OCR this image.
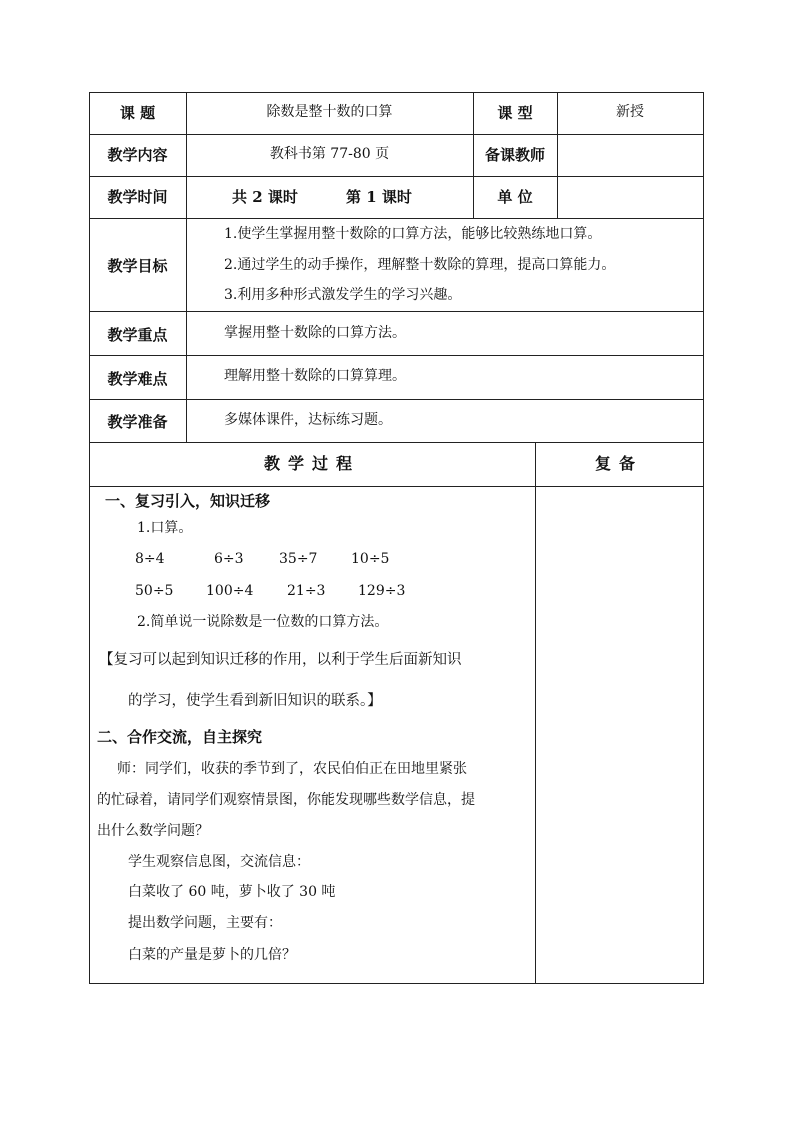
课 题	除数是整十数的口算	课 型	新授
教学内容	教科书第 77-80 页	备课教师
教学时间	共 2 课时	第 1 课时	单 位
教学目标
1.使学生掌握用整十数除的口算方法，能够比较熟练地口算。
2.通过学生的动手操作，理解整十数除的算理，提高口算能力。
3.利用多种形式激发学生的学习兴趣。
教学重点	掌握用整十数除的口算方法。
教学难点	理解用整十数除的口算算理。
教学准备	多媒体课件，达标练习题。
教学过程	复备
一、复习引入，知识迁移
1.口算。
8÷4	6÷3	35÷7 10÷5
50÷5 100÷4 21÷3 129÷3
2.简单说一说除数是一位数的口算方法。
【复习可以起到知识迁移的作用，以利于学生后面新知识
的学习，使学生看到新旧知识的联系。】
二、合作交流，自主探究
师：同学们，收获的季节到了，农民伯伯正在田地里紧张
的忙碌着，请同学们观察情景图，你能发现哪些数学信息，提
出什么数学问题？
学生观察信息图，交流信息：
白菜收了 60 吨，萝卜收了 30 吨
提出数学问题，主要有：
白菜的产量是萝卜的几倍？
